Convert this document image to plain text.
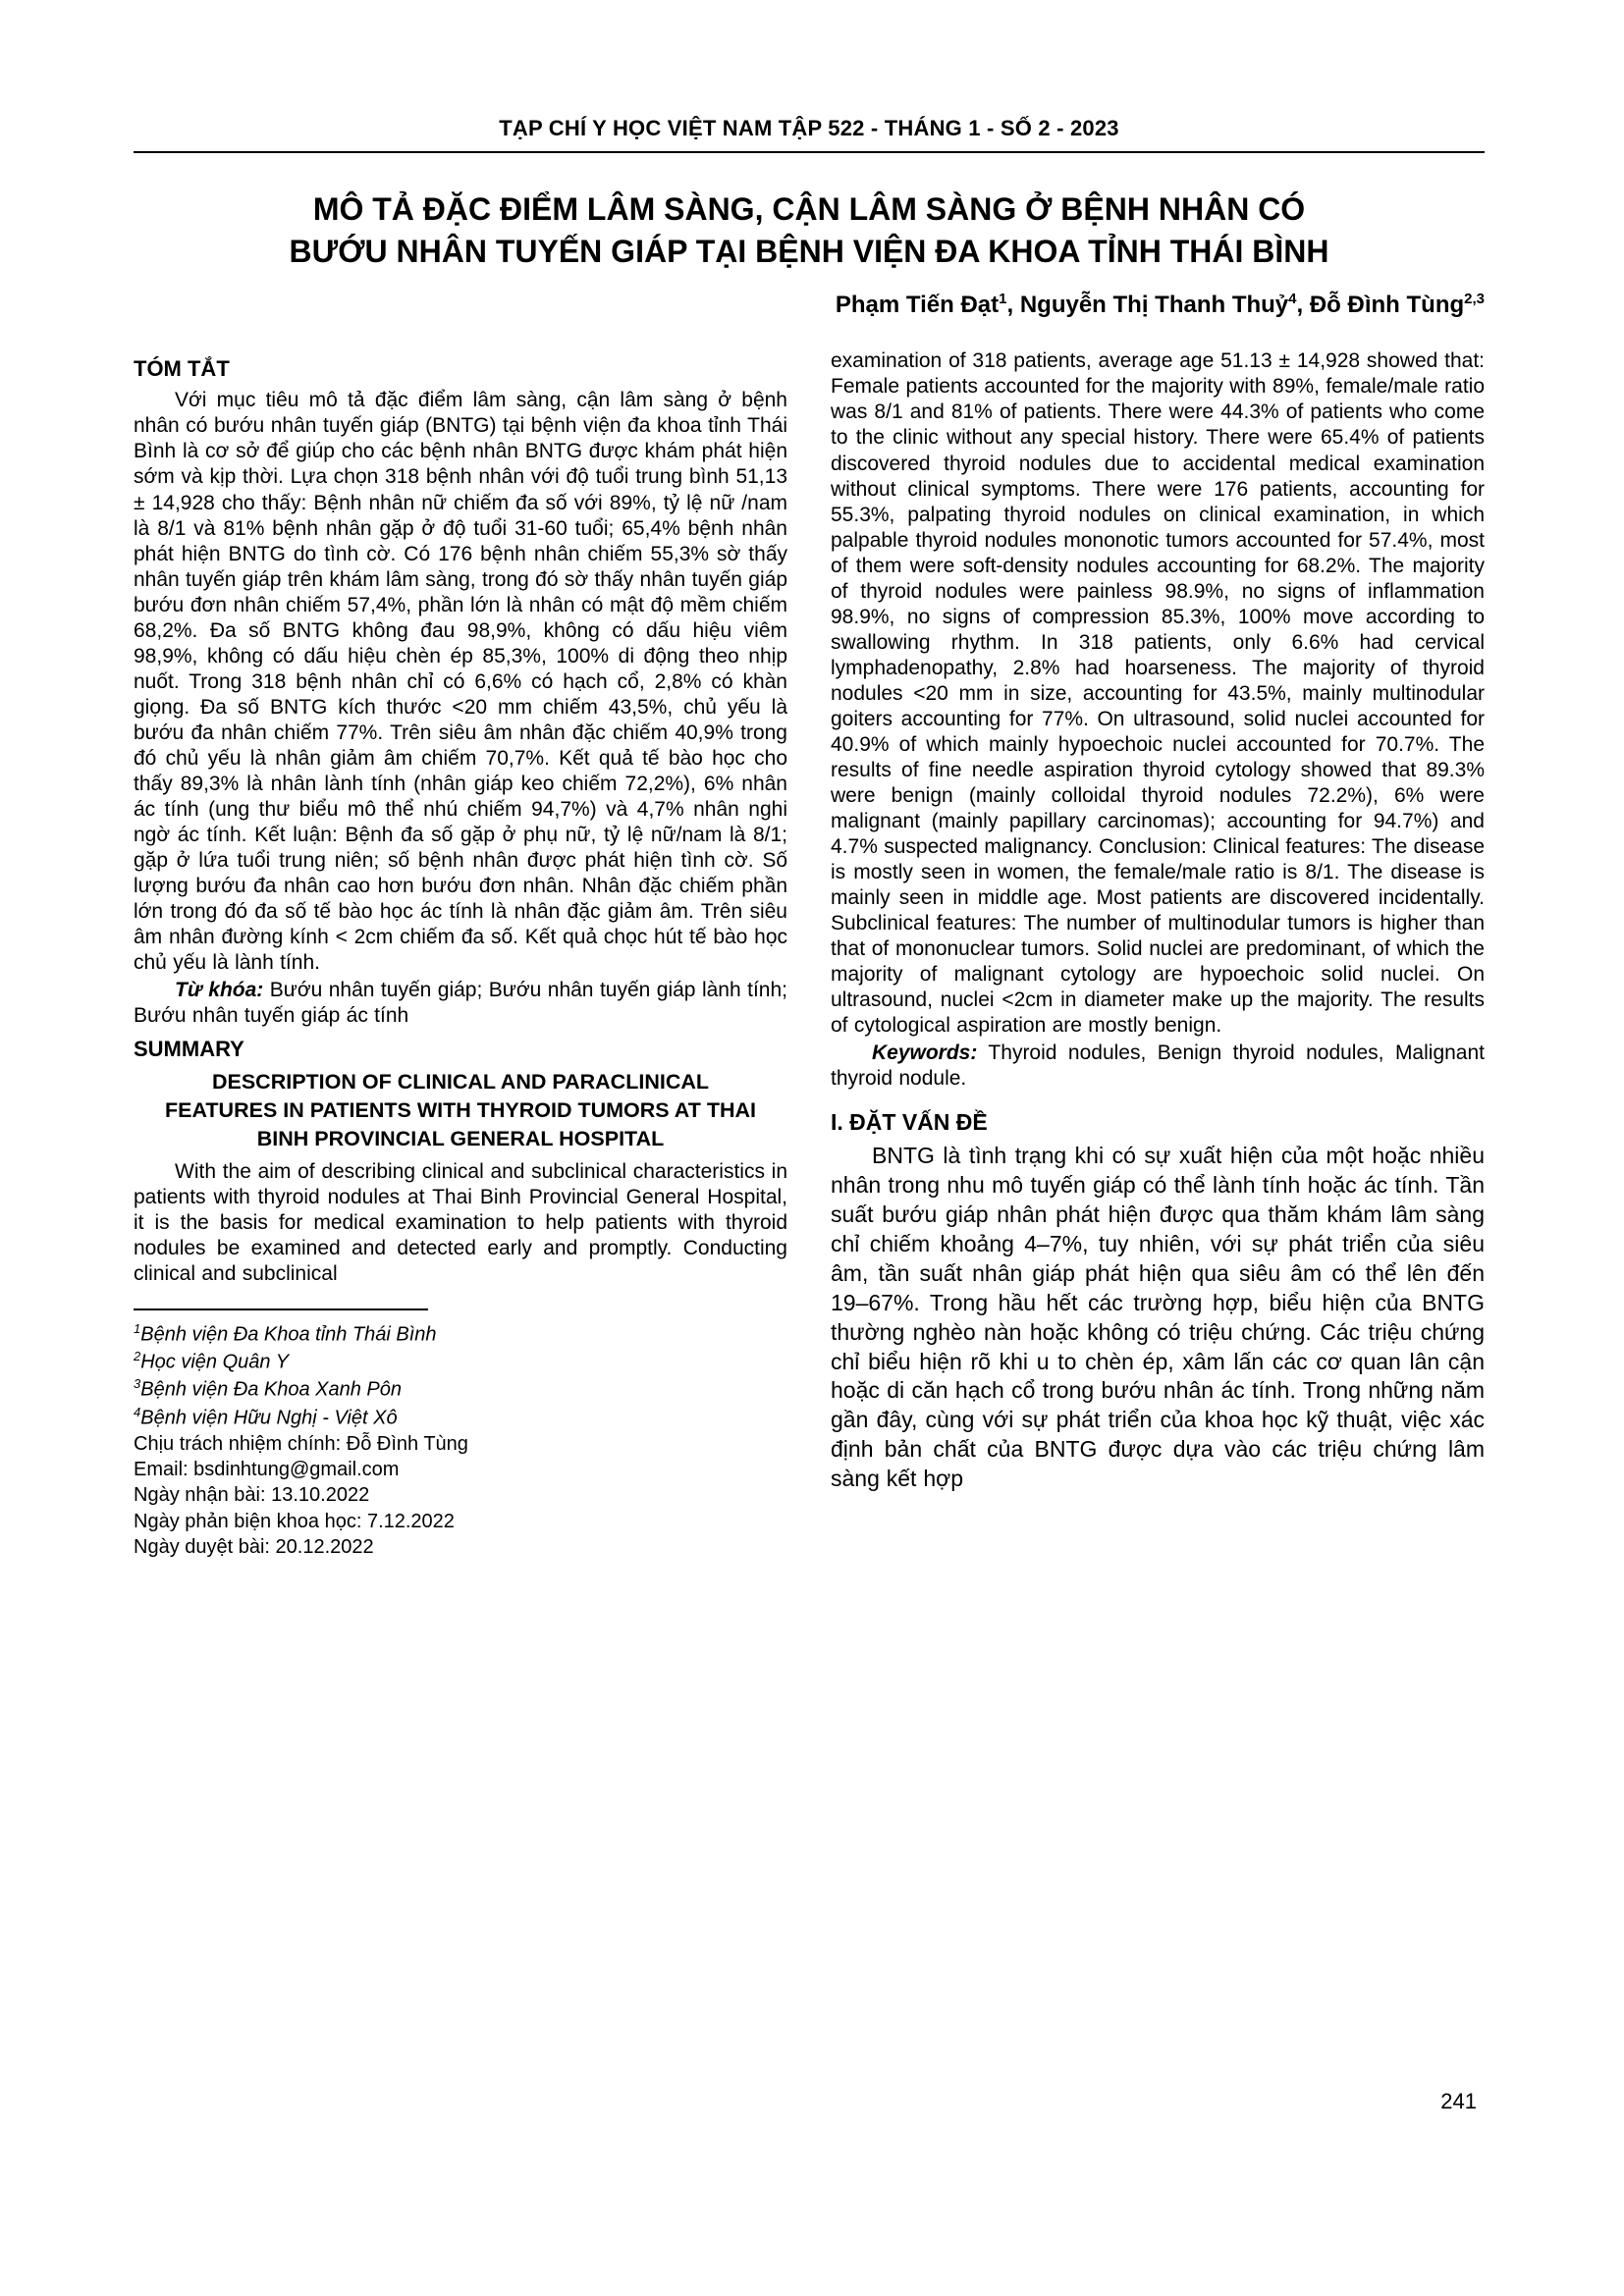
TẠP CHÍ Y HỌC VIỆT NAM TẬP 522 - THÁNG 1 - SỐ 2 - 2023
MÔ TẢ ĐẶC ĐIỂM LÂM SÀNG, CẬN LÂM SÀNG Ở BỆNH NHÂN CÓ
BƯỚU NHÂN TUYẾN GIÁP TẠI BỆNH VIỆN ĐA KHOA TỈNH THÁI BÌNH
Phạm Tiến Đạt$^1$, Nguyễn Thị Thanh Thuỷ$^4$, Đỗ Đình Tùng$^{2,3}$
TÓM TẮT

Với mục tiêu mô tả đặc điểm lâm sàng, cận lâm sàng ở bệnh nhân có bướu nhân tuyến giáp (BNTG) tại bệnh viện đa khoa tỉnh Thái Bình là cơ sở để giúp cho các bệnh nhân BNTG được khám phát hiện sớm và kịp thời. Lựa chọn 318 bệnh nhân với độ tuổi trung bình 51,13 ± 14,928 cho thấy: Bệnh nhân nữ chiếm đa số với 89%, tỷ lệ nữ /nam là 8/1 và 81% bệnh nhân gặp ở độ tuổi 31-60 tuổi; 65,4% bệnh nhân phát hiện BNTG do tình cờ. Có 176 bệnh nhân chiếm 55,3% sờ thấy nhân tuyến giáp trên khám lâm sàng, trong đó sờ thấy nhân tuyến giáp bướu đơn nhân chiếm 57,4%, phần lớn là nhân có mật độ mềm chiếm 68,2%. Đa số BNTG không đau 98,9%, không có dấu hiệu viêm 98,9%, không có dấu hiệu chèn ép 85,3%, 100% di động theo nhịp nuốt. Trong 318 bệnh nhân chỉ có 6,6% có hạch cổ, 2,8% có khàn giọng. Đa số BNTG kích thước <20 mm chiếm 43,5%, chủ yếu là bướu đa nhân chiếm 77%. Trên siêu âm nhân đặc chiếm 40,9% trong đó chủ yếu là nhân giảm âm chiếm 70,7%. Kết quả tế bào học cho thấy 89,3% là nhân lành tính (nhân giáp keo chiếm 72,2%), 6% nhân ác tính (ung thư biểu mô thể nhú chiếm 94,7%) và 4,7% nhân nghi ngờ ác tính. Kết luận: Bệnh đa số gặp ở phụ nữ, tỷ lệ nữ/nam là 8/1; gặp ở lứa tuổi trung niên; số bệnh nhân được phát hiện tình cờ. Số lượng bướu đa nhân cao hơn bướu đơn nhân. Nhân đặc chiếm phần lớn trong đó đa số tế bào học ác tính là nhân đặc giảm âm. Trên siêu âm nhân đường kính < 2cm chiếm đa số. Kết quả chọc hút tế bào học chủ yếu là lành tính.

Từ khóa: Bướu nhân tuyến giáp; Bướu nhân tuyến giáp lành tính; Bướu nhân tuyến giáp ác tính

SUMMARY
DESCRIPTION OF CLINICAL AND PARACLINICAL FEATURES IN PATIENTS WITH THYROID TUMORS AT THAI BINH PROVINCIAL GENERAL HOSPITAL

With the aim of describing clinical and subclinical characteristics in patients with thyroid nodules at Thai Binh Provincial General Hospital, it is the basis for medical examination to help patients with thyroid nodules be examined and detected early and promptly. Conducting clinical and subclinical

$^1$Bệnh viện Đa Khoa tỉnh Thái Bình
$^2$Học viện Quân Y
$^3$Bệnh viện Đa Khoa Xanh Pôn
$^4$Bệnh viện Hữu Nghị - Việt Xô
Chịu trách nhiệm chính: Đỗ Đình Tùng
Email: bsdinhtung@gmail.com
Ngày nhận bài: 13.10.2022
Ngày phản biện khoa học: 7.12.2022
Ngày duyệt bài: 20.12.2022

examination of 318 patients, average age 51.13 ± 14,928 showed that: Female patients accounted for the majority with 89%, female/male ratio was 8/1 and 81% of patients. There were 44.3% of patients who come to the clinic without any special history. There were 65.4% of patients discovered thyroid nodules due to accidental medical examination without clinical symptoms. There were 176 patients, accounting for 55.3%, palpating thyroid nodules on clinical examination, in which palpable thyroid nodules mononotic tumors accounted for 57.4%, most of them were soft-density nodules accounting for 68.2%. The majority of thyroid nodules were painless 98.9%, no signs of inflammation 98.9%, no signs of compression 85.3%, 100% move according to swallowing rhythm. In 318 patients, only 6.6% had cervical lymphadenopathy, 2.8% had hoarseness. The majority of thyroid nodules <20 mm in size, accounting for 43.5%, mainly multinodular goiters accounting for 77%. On ultrasound, solid nuclei accounted for 40.9% of which mainly hypoechoic nuclei accounted for 70.7%. The results of fine needle aspiration thyroid cytology showed that 89.3% were benign (mainly colloidal thyroid nodules 72.2%), 6% were malignant (mainly papillary carcinomas); accounting for 94.7%) and 4.7% suspected malignancy. Conclusion: Clinical features: The disease is mostly seen in women, the female/male ratio is 8/1. The disease is mainly seen in middle age. Most patients are discovered incidentally. Subclinical features: The number of multinodular tumors is higher than that of mononuclear tumors. Solid nuclei are predominant, of which the majority of malignant cytology are hypoechoic solid nuclei. On ultrasound, nuclei <2cm in diameter make up the majority. The results of cytological aspiration are mostly benign.

Keywords: Thyroid nodules, Benign thyroid nodules, Malignant thyroid nodule.

I. ĐẶT VẤN ĐỀ

BNTG là tình trạng khi có sự xuất hiện của một hoặc nhiều nhân trong nhu mô tuyến giáp có thể lành tính hoặc ác tính. Tần suất bướu giáp nhân phát hiện được qua thăm khám lâm sàng chỉ chiếm khoảng 4–7%, tuy nhiên, với sự phát triển của siêu âm, tần suất nhân giáp phát hiện qua siêu âm có thể lên đến 19–67%. Trong hầu hết các trường hợp, biểu hiện của BNTG thường nghèo nàn hoặc không có triệu chứng. Các triệu chứng chỉ biểu hiện rõ khi u to chèn ép, xâm lấn các cơ quan lân cận hoặc di căn hạch cổ trong bướu nhân ác tính. Trong những năm gần đây, cùng với sự phát triển của khoa học kỹ thuật, việc xác định bản chất của BNTG được dựa vào các triệu chứng lâm sàng kết hợp

241
